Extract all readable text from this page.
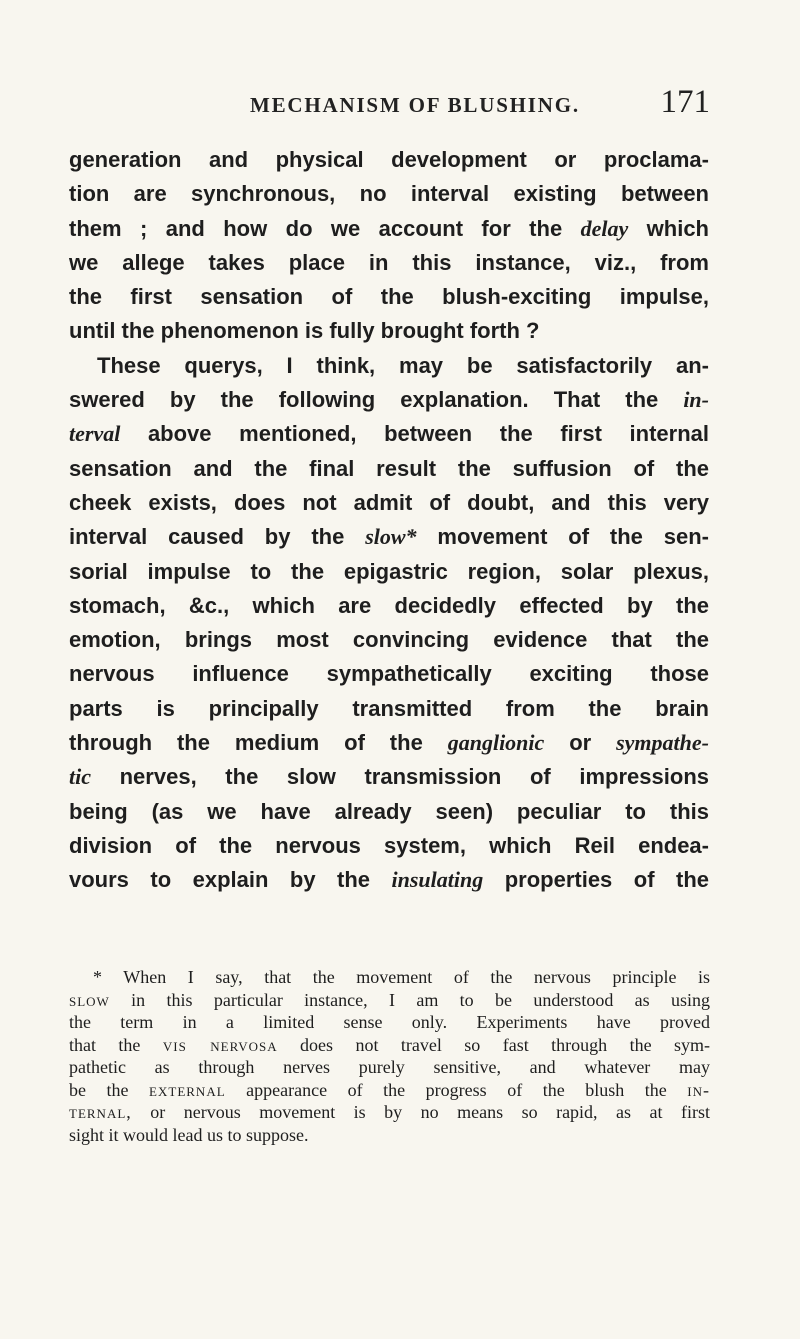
MECHANISM OF BLUSHING. 171
generation and physical development or proclama-
tion are synchronous, no interval existing between
them ; and how do we account for the delay which
we allege takes place in this instance, viz., from
the first sensation of the blush-exciting impulse,
until the phenomenon is fully brought forth ?
These querys, I think, may be satisfactorily an-
swered by the following explanation. That the in-
terval above mentioned, between the first internal
sensation and the final result the suffusion of the
cheek exists, does not admit of doubt, and this very
interval caused by the slow* movement of the sen-
sorial impulse to the epigastric region, solar plexus,
stomach, &c., which are decidedly effected by the
emotion, brings most convincing evidence that the
nervous influence sympathetically exciting those
parts is principally transmitted from the brain
through the medium of the ganglionic or sympathe-
tic nerves, the slow transmission of impressions
being (as we have already seen) peculiar to this
division of the nervous system, which Reil endea-
vours to explain by the insulating properties of the
* When I say, that the movement of the nervous principle is
slow in this particular instance, I am to be understood as using
the term in a limited sense only. Experiments have proved
that the vis nervosa does not travel so fast through the sym-
pathetic as through nerves purely sensitive, and whatever may
be the external appearance of the progress of the blush the in-
ternal, or nervous movement is by no means so rapid, as at first
sight it would lead us to suppose.
